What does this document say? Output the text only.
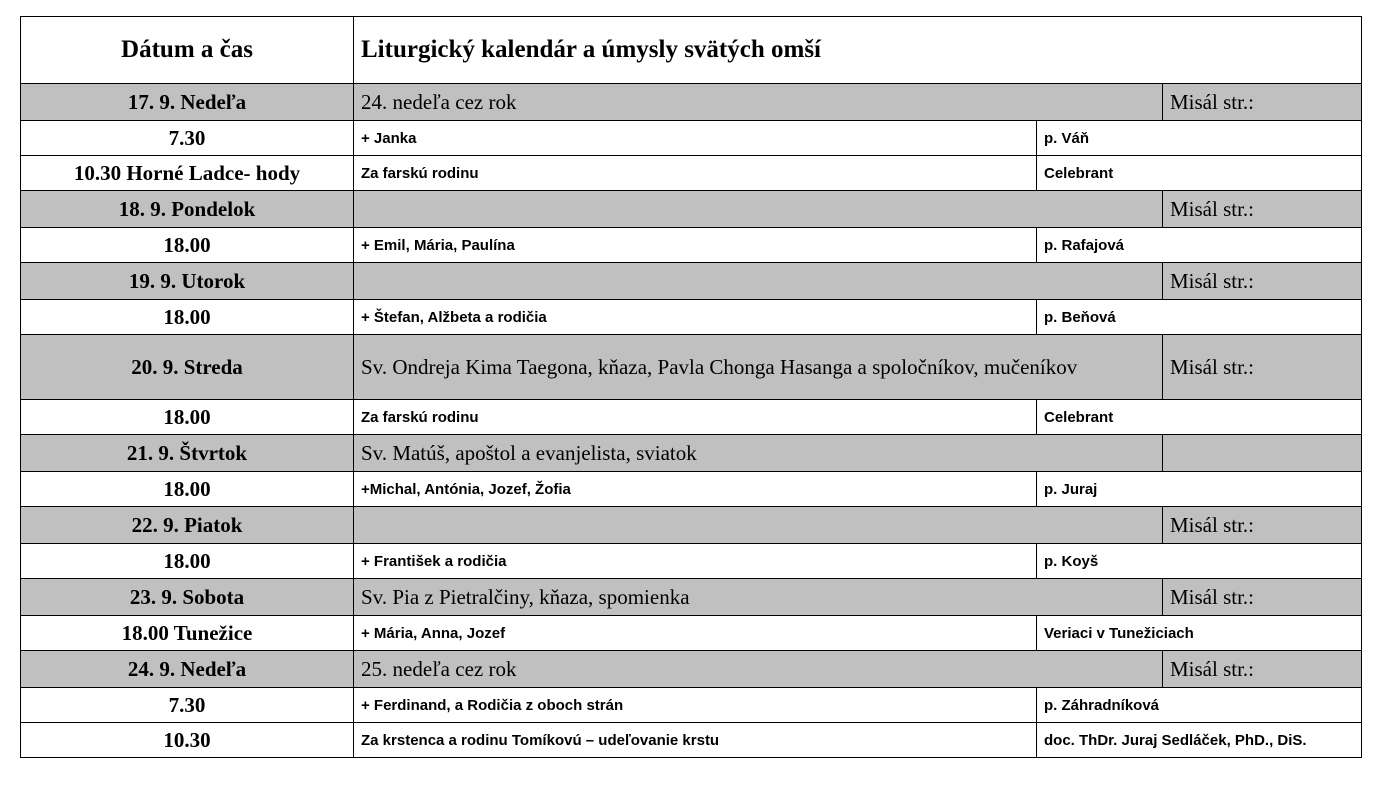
Dátum a čas	Liturgický kalendár a úmysly svätých omší		
17. 9. Nedeľa	24. nedeľa cez rok		Misál str.:
7.30	+ Janka	p. Váň	
10.30 Horné Ladce- hody	Za farskú rodinu	Celebrant	
18. 9. Pondelok			Misál str.:
18.00	+ Emil, Mária, Paulína	p. Rafajová	
19. 9. Utorok			Misál str.:
18.00	+ Štefan, Alžbeta a rodičia	p. Beňová	
20. 9. Streda	Sv. Ondreja Kima Taegona, kňaza, Pavla Chonga Hasanga a spoločníkov, mučeníkov		Misál str.:
18.00	Za farskú rodinu	Celebrant	
21. 9. Štvrtok	Sv. Matúš, apoštol a evanjelista, sviatok		
18.00	+Michal, Antónia, Jozef, Žofia	p. Juraj	
22. 9. Piatok			Misál str.:
18.00	+ František a rodičia	p. Koyš	
23. 9. Sobota	Sv. Pia z Pietralčiny, kňaza, spomienka		Misál str.:
18.00 Tunežice	+ Mária, Anna, Jozef	Veriaci v Tunežiciach	
24. 9. Nedeľa	25. nedeľa cez rok		Misál str.:
7.30	+ Ferdinand, a Rodičia z oboch strán	p. Záhradníková	
10.30	Za krstenca a rodinu Tomíkovú – udeľovanie krstu	doc. ThDr. Juraj Sedláček, PhD., DiS.	
